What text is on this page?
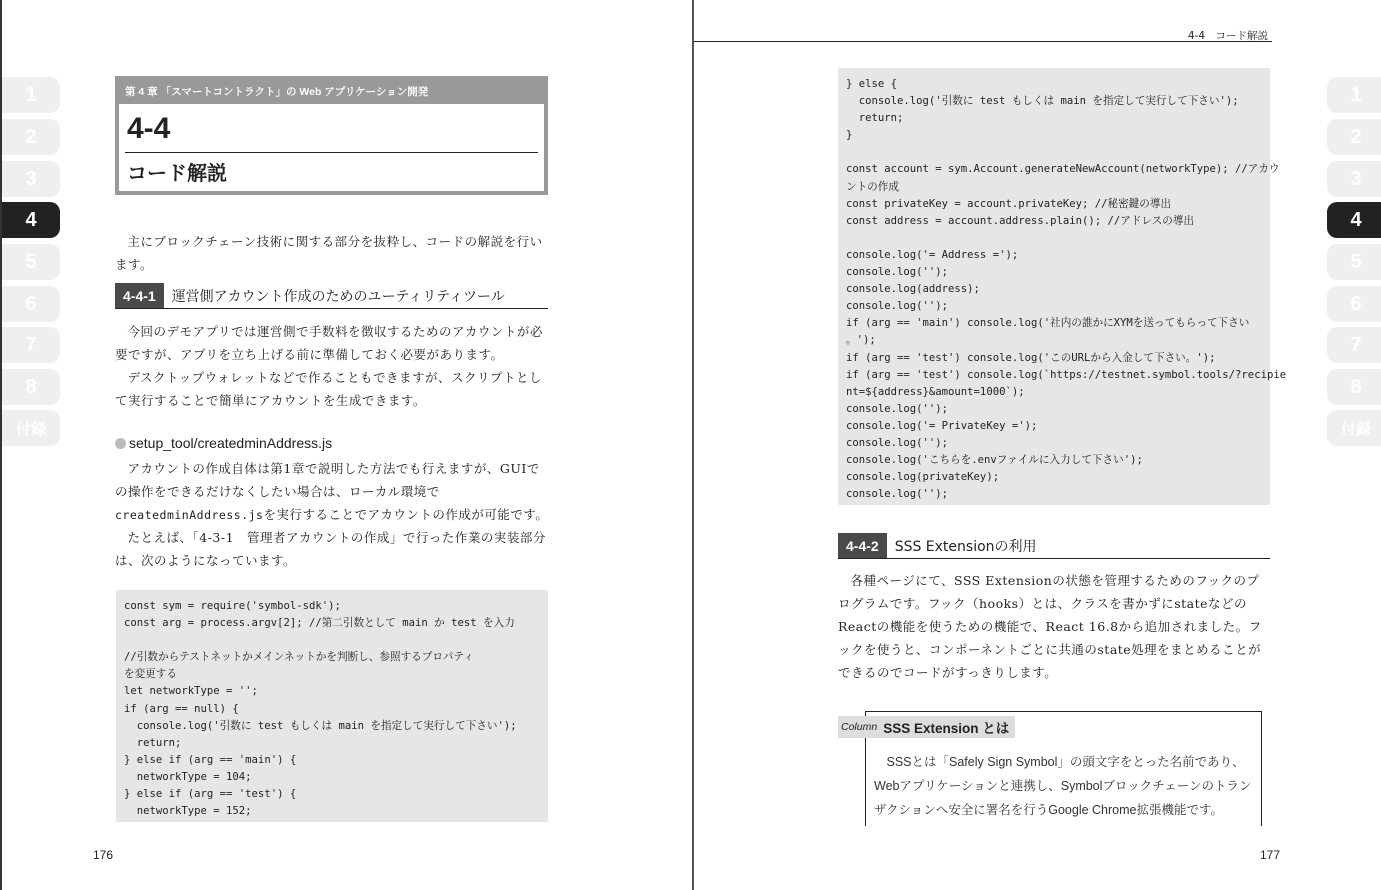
1
2
3
4
5
6
7
8
付録
第 4 章 「スマートコントラクト」の Web アプリケーション開発
4-4
コード解説
主にブロックチェーン技術に関する部分を抜粋し、コードの解説を行います。
4-4-1	運営側アカウント作成のためのユーティリティツール
今回のデモアプリでは運営側で手数料を徴収するためのアカウントが必要ですが、アプリを立ち上げる前に準備しておく必要があります。
デスクトップウォレットなどで作ることもできますが、スクリプトとして実行することで簡単にアカウントを生成できます。
setup_tool/createdminAddress.js
アカウントの作成自体は第1章で説明した方法でも行えますが、GUIでの操作をできるだけなくしたい場合は、ローカル環境でcreatedminAddress.jsを実行することでアカウントの作成が可能です。
たとえば、「4-3-1　管理者アカウントの作成」で行った作業の実装部分は、次のようになっています。
const sym = require('symbol-sdk');
const arg = process.argv[2]; //第二引数として main か test を入力

//引数からテストネットかメインネットかを判断し、参照するプロパティ
を変更する
let networkType = '';
if (arg == null) {
console.log('引数に test もしくは main を指定して実行して下さい');
return;
} else if (arg == 'main') {
networkType = 104;
} else if (arg == 'test') {
networkType = 152;
176
4-4　コード解説
1
2
3
4
5
6
7
8
付録
} else {
console.log('引数に test もしくは main を指定して実行して下さい');
return;
}

const account = sym.Account.generateNewAccount(networkType); //アカウ
ントの作成
const privateKey = account.privateKey; //秘密鍵の導出
const address = account.address.plain(); //アドレスの導出

console.log('= Address =');
console.log('');
console.log(address);
console.log('');
if (arg == 'main') console.log('社内の誰かにXYMを送ってもらって下さい
。');
if (arg == 'test') console.log('このURLから入金して下さい。');
if (arg == 'test') console.log(`https://testnet.symbol.tools/?recipie
nt=${address}&amount=1000`);
console.log('');
console.log('= PrivateKey =');
console.log('');
console.log('こちらを.envファイルに入力して下さい');
console.log(privateKey);
console.log('');
4-4-2	SSS Extensionの利用
各種ページにて、SSS Extensionの状態を管理するためのフックのプログラムです。フック（hooks）とは、クラスを書かずにstateなどのReactの機能を使うための機能で、React 16.8から追加されました。フックを使うと、コンポーネントごとに共通のstate処理をまとめることができるのでコードがすっきりします。
Column SSS Extension とは
SSSとは「Safely Sign Symbol」の頭文字をとった名前であり、Webアプリケーションと連携し、Symbolブロックチェーンのトランザクションへ安全に署名を行うGoogle Chrome拡張機能です。
177
